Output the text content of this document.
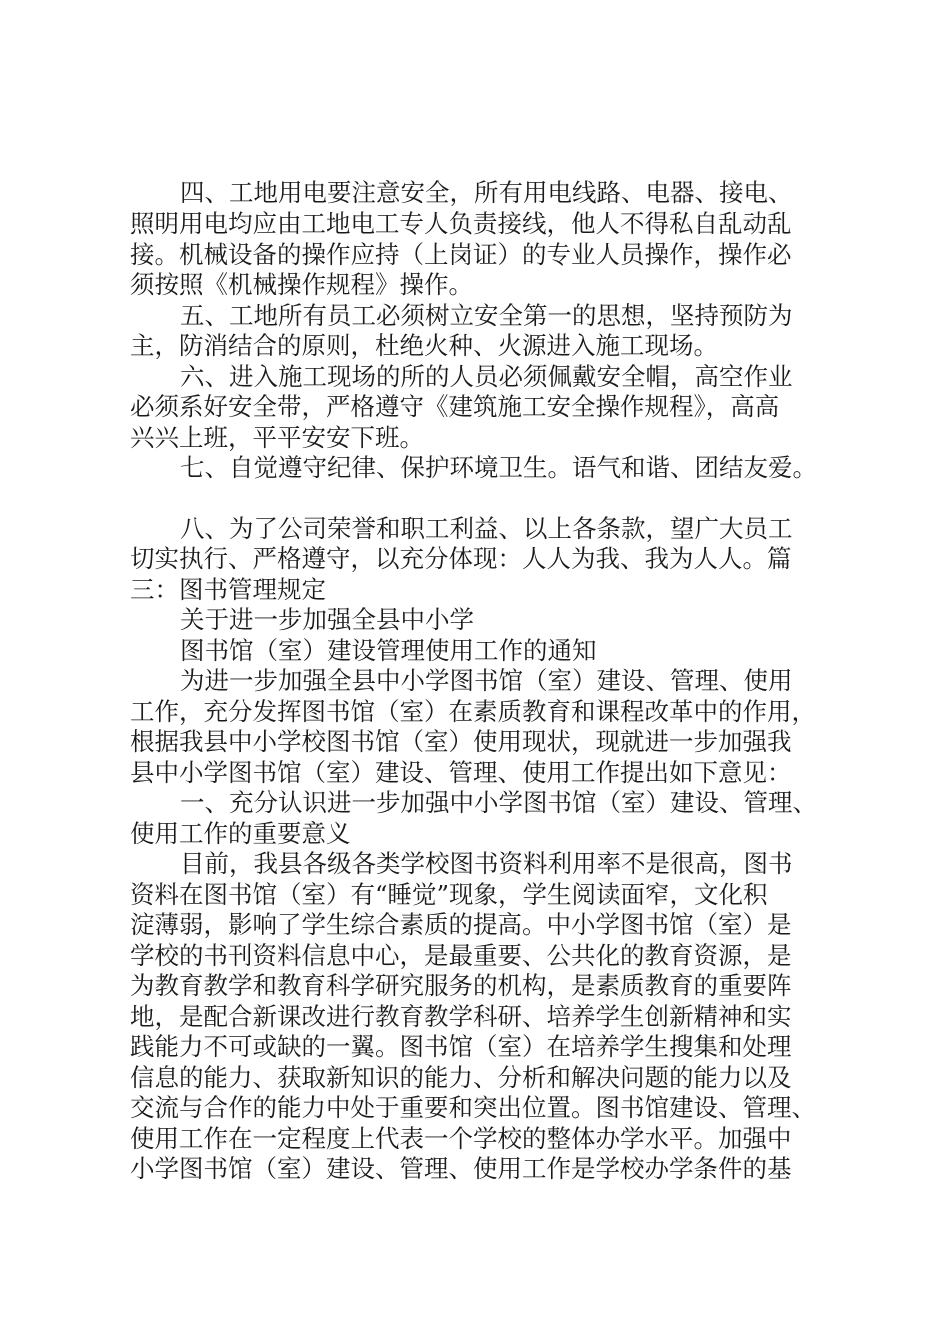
四、工地用电要注意安全，所有用电线路、电器、接电、
照明用电均应由工地电工专人负责接线，他人不得私自乱动乱
接。机械设备的操作应持（上岗证）的专业人员操作，操作必
须按照《机械操作规程》操作。
五、工地所有员工必须树立安全第一的思想，坚持预防为
主，防消结合的原则，杜绝火种、火源进入施工现场。
六、进入施工现场的所的人员必须佩戴安全帽，高空作业
必须系好安全带，严格遵守《建筑施工安全操作规程》，高高
兴兴上班，平平安安下班。
七、自觉遵守纪律、保护环境卫生。语气和谐、团结友爱。
八、为了公司荣誉和职工利益、以上各条款，望广大员工
切实执行、严格遵守，以充分体现：人人为我、我为人人。篇
三：图书管理规定
关于进一步加强全县中小学
图书馆（室）建设管理使用工作的通知
为进一步加强全县中小学图书馆（室）建设、管理、使用
工作，充分发挥图书馆（室）在素质教育和课程改革中的作用，
根据我县中小学校图书馆（室）使用现状，现就进一步加强我
县中小学图书馆（室）建设、管理、使用工作提出如下意见：
一、充分认识进一步加强中小学图书馆（室）建设、管理、
使用工作的重要意义
目前，我县各级各类学校图书资料利用率不是很高，图书
资料在图书馆（室）有“睡觉”现象，学生阅读面窄，文化积
淀薄弱，影响了学生综合素质的提高。中小学图书馆（室）是
学校的书刊资料信息中心，是最重要、公共化的教育资源，是
为教育教学和教育科学研究服务的机构，是素质教育的重要阵
地，是配合新课改进行教育教学科研、培养学生创新精神和实
践能力不可或缺的一翼。图书馆（室）在培养学生搜集和处理
信息的能力、获取新知识的能力、分析和解决问题的能力以及
交流与合作的能力中处于重要和突出位置。图书馆建设、管理、
使用工作在一定程度上代表一个学校的整体办学水平。加强中
小学图书馆（室）建设、管理、使用工作是学校办学条件的基
